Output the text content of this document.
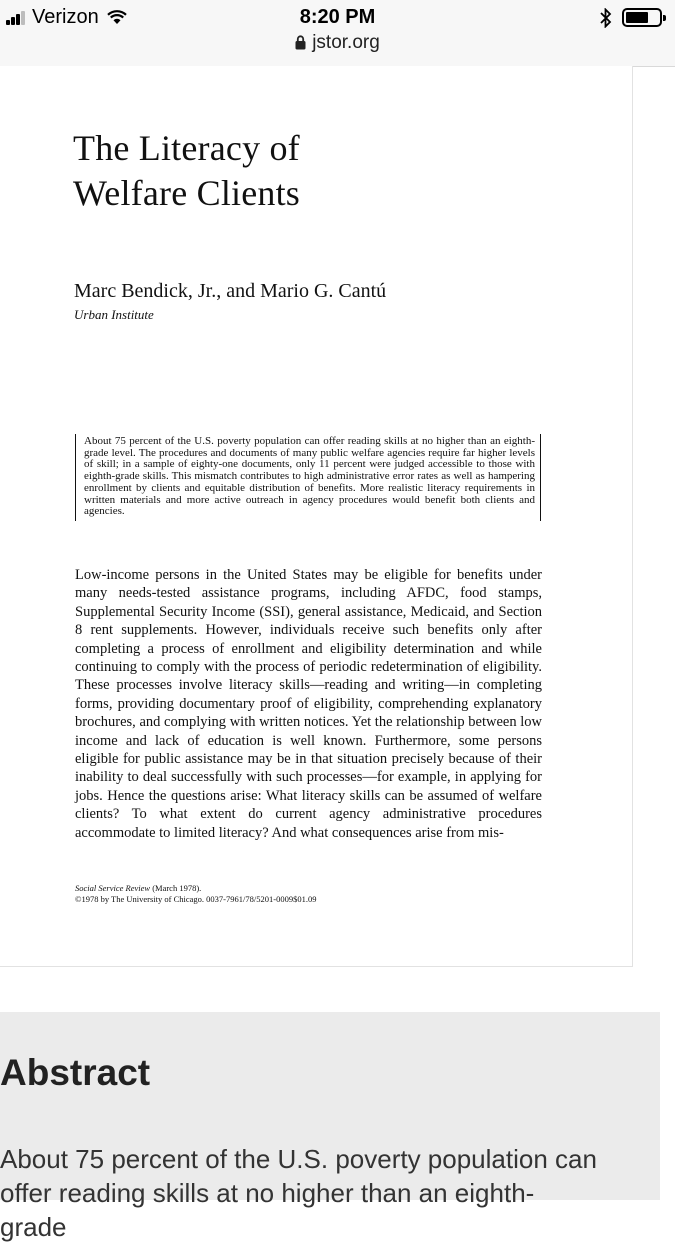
Verizon	8:20 PM
jstor.org
The Literacy of
Welfare Clients
Marc Bendick, Jr., and Mario G. Cantú
Urban Institute
About 75 percent of the U.S. poverty population can offer reading skills at no higher than an eighth-grade level. The procedures and documents of many public welfare agencies require far higher levels of skill; in a sample of eighty-one documents, only 11 percent were judged accessible to those with eighth-grade skills. This mismatch contributes to high administrative error rates as well as hampering enrollment by clients and equitable distribution of benefits. More realistic literacy requirements in written materials and more active outreach in agency procedures would benefit both clients and agencies.
Low-income persons in the United States may be eligible for benefits under many needs-tested assistance programs, including AFDC, food stamps, Supplemental Security Income (SSI), general assistance, Medicaid, and Section 8 rent supplements. However, individuals receive such benefits only after completing a process of enrollment and eligibility determination and while continuing to comply with the process of periodic redetermination of eligibility. These processes involve literacy skills—reading and writing—in completing forms, providing documentary proof of eligibility, comprehending explanatory brochures, and complying with written notices. Yet the relationship between low income and lack of education is well known. Furthermore, some persons eligible for public assistance may be in that situation precisely because of their inability to deal successfully with such processes—for example, in applying for jobs. Hence the questions arise: What literacy skills can be assumed of welfare clients? To what extent do current agency administrative procedures accommodate to limited literacy? And what consequences arise from mis-
Social Service Review (March 1978).
©1978 by The University of Chicago. 0037-7961/78/5201-0009$01.09
Abstract
About 75 percent of the U.S. poverty population can offer reading skills at no higher than an eighth-grade
